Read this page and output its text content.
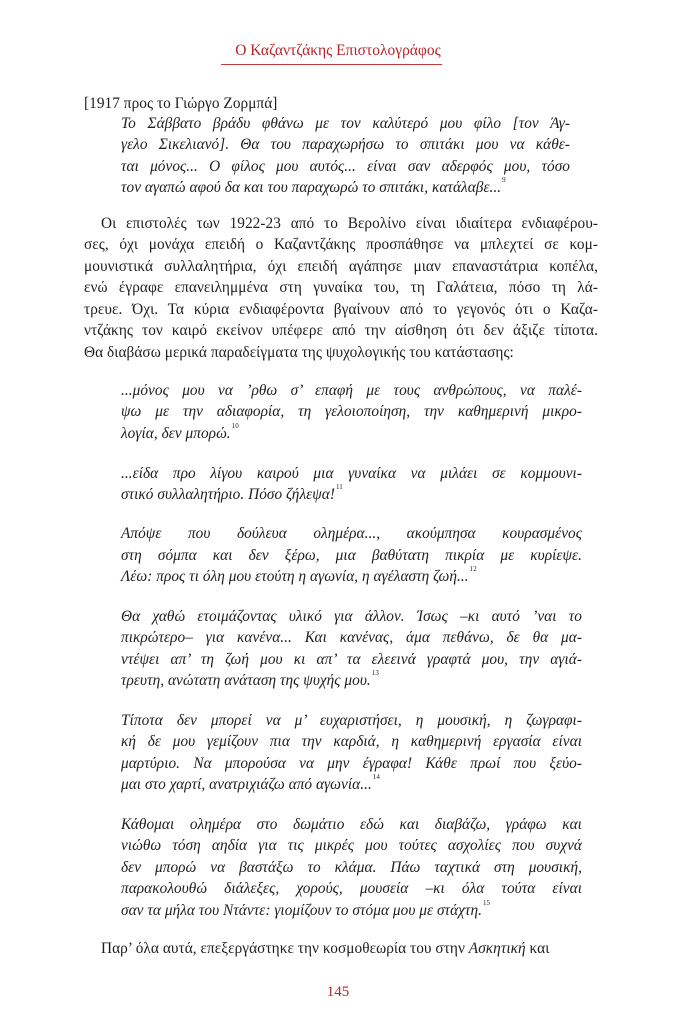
Ο Καζαντζάκης Επιστολογράφος
[1917 προς το Γιώργο Ζορμπά]
Το Σάββατο βράδυ φθάνω με τον καλύτερό μου φίλο [τον Άγ-
γελο Σικελιανό]. Θα του παραχωρήσω το σπιτάκι μου να κάθε-
ται μόνος... Ο φίλος μου αυτός... είναι σαν αδερφός μου, τόσο
τον αγαπώ αφού δα και του παραχωρώ το σπιτάκι, κατάλαβε...$^9$
Οι επιστολές των 1922-23 από το Βερολίνο είναι ιδιαίτερα ενδιαφέρου-
σες, όχι μονάχα επειδή ο Καζαντζάκης προσπάθησε να μπλεχτεί σε κομ-
μουνιστικά συλλαλητήρια, όχι επειδή αγάπησε μιαν επαναστάτρια κοπέλα,
ενώ έγραφε επανειλημμένα στη γυναίκα του, τη Γαλάτεια, πόσο τη λά-
τρευε. Όχι. Τα κύρια ενδιαφέροντα βγαίνουν από το γεγονός ότι ο Καζα-
ντζάκης τον καιρό εκείνον υπέφερε από την αίσθηση ότι δεν άξιζε τίποτα.
Θα διαβάσω μερικά παραδείγματα της ψυχολογικής του κατάστασης:
...μόνος μου να ’ρθω σ’ επαφή με τους ανθρώπους, να παλέ-
ψω με την αδιαφορία, τη γελοιοποίηση, την καθημερινή μικρο-
λογία, δεν μπορώ.$^{10}$
...είδα προ λίγου καιρού μια γυναίκα να μιλάει σε κομμουνι-
στικό συλλαλητήριο. Πόσο ζήλεψα!$^{11}$
Απόψε που δούλευα ολημέρα..., ακούμπησα κουρασμένος
στη σόμπα και δεν ξέρω, μια βαθύτατη πικρία με κυρίεψε.
Λέω: προς τι όλη μου ετούτη η αγωνία, η αγέλαστη ζωή...$^{12}$
Θα χαθώ ετοιμάζοντας υλικό για άλλον. Ίσως –κι αυτό ’ναι το
πικρώτερο– για κανένα... Και κανένας, άμα πεθάνω, δε θα μα-
ντέψει απ’ τη ζωή μου κι απ’ τα ελεεινά γραφτά μου, την αγιά-
τρευτη, ανώτατη ανάταση της ψυχής μου.$^{13}$
Τίποτα δεν μπορεί να μ’ ευχαριστήσει, η μουσική, η ζωγραφι-
κή δε μου γεμίζουν πια την καρδιά, η καθημερινή εργασία είναι
μαρτύριο. Να μπορούσα να μην έγραφα! Κάθε πρωί που ξεύο-
μαι στο χαρτί, ανατριχιάζω από αγωνία...$^{14}$
Κάθομαι ολημέρα στο δωμάτιο εδώ και διαβάζω, γράφω και
νιώθω τόση αηδία για τις μικρές μου τούτες ασχολίες που συχνά
δεν μπορώ να βαστάξω το κλάμα. Πάω ταχτικά στη μουσική,
παρακολουθώ διάλεξες, χορούς, μουσεία –κι όλα τούτα είναι
σαν τα μήλα του Ντάντε: γιομίζουν το στόμα μου με στάχτη.$^{15}$
Παρ’ όλα αυτά, επεξεργάστηκε την κοσμοθεωρία του στην Ασκητική και
145
